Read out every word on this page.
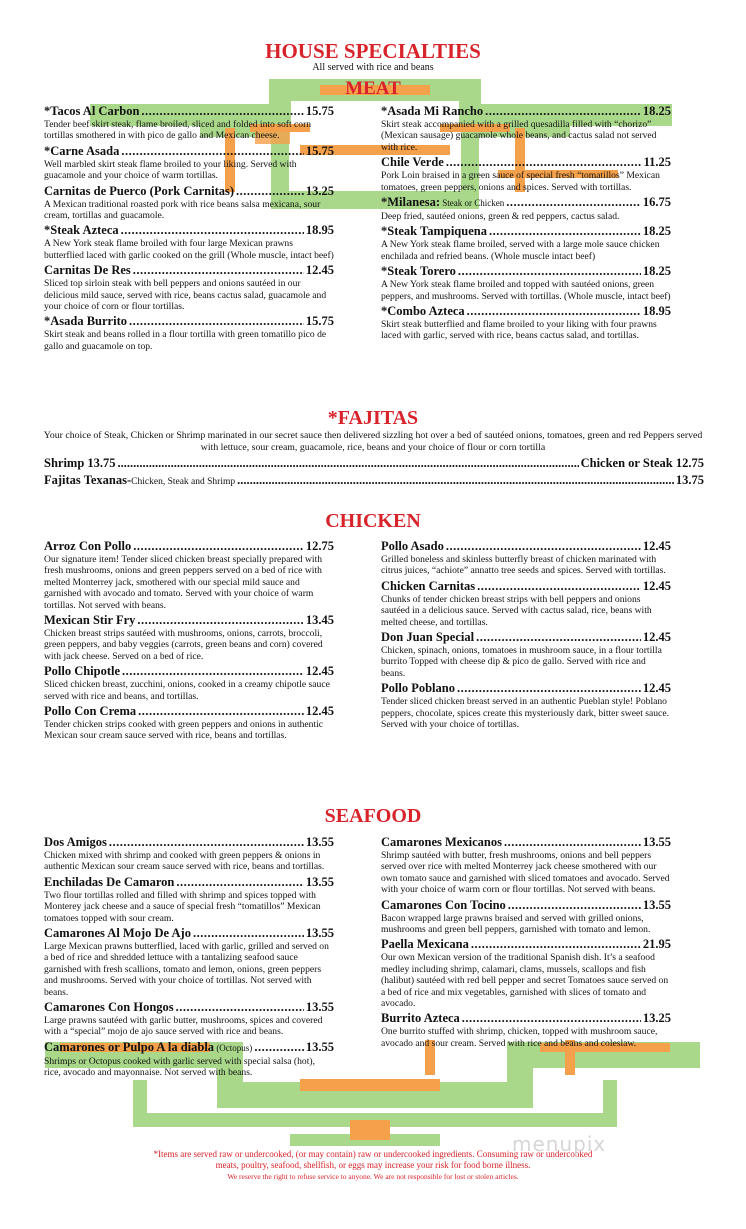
HOUSE SPECIALTIES
All served with rice and beans
MEAT
*Tacos Al Carbon .....	15.75
Tender beef skirt steak, flame broiled, sliced and folded into soft corn tortillas smothered in with pico de gallo and Mexican cheese.
*Carne Asada .....	15.75
Well marbled skirt steak flame broiled to your liking. Served with guacamole and your choice of warm tortillas.
Carnitas de Puerco (Pork Carnitas) .....	13.25
A Mexican traditional roasted pork with rice beans salsa mexicana, sour cream, tortillas and guacamole.
*Steak Azteca .....	18.95
A New York steak flame broiled with four large Mexican prawns butterflied laced with garlic cooked on the grill (Whole muscle, intact beef)
Carnitas De Res .....	12.45
Sliced top sirloin steak with bell peppers and onions sautéed in our delicious mild sauce, served with rice, beans cactus salad, guacamole and your choice of corn or flour tortillas.
*Asada Burrito .....	15.75
Skirt steak and beans rolled in a flour tortilla with green tomatillo pico de gallo and guacamole on top.
*Asada Mi Rancho .....	18.25
Skirt steak accompanied with a grilled quesadilla filled with “chorizo” (Mexican sausage) guacamole whole beans, and cactus salad not served with rice.
Chile Verde .....	11.25
Pork Loin braised in a green sauce of special fresh “tomatillos” Mexican tomatoes, green peppers, onions and spices. Served with tortillas.
*Milanesa: Steak or Chicken .....	16.75
Deep fried, sautéed onions, green & red peppers, cactus salad.
*Steak Tampiquena .....	18.25
A New York steak flame broiled, served with a large mole sauce chicken enchilada and refried beans. (Whole muscle intact beef)
*Steak Torero .....	18.25
A New York steak flame broiled and topped with sautéed onions, green peppers, and mushrooms. Served with tortillas. (Whole muscle, intact beef)
*Combo Azteca .....	18.95
Skirt steak butterflied and flame broiled to your liking with four prawns laced with garlic, served with rice, beans cactus salad, and tortillas.
*FAJITAS
Your choice of Steak, Chicken or Shrimp marinated in our secret sauce then delivered sizzling hot over a bed of sautéed onions, tomatoes, green and red Peppers served with lettuce, sour cream, guacamole, rice, beans and your choice of flour or corn tortilla
Shrimp 13.75 .....	Chicken or Steak 12.75
Fajitas Texanas- Chicken, Steak and Shrimp .....	13.75
CHICKEN
Arroz Con Pollo .....	12.75
Our signature item! Tender sliced chicken breast specially prepared with fresh mushrooms, onions and green peppers served on a bed of rice with melted Monterrey jack, smothered with our special mild sauce and garnished with avocado and tomato. Served with your choice of warm tortillas. Not served with beans.
Mexican Stir Fry .....	13.45
Chicken breast strips sautéed with mushrooms, onions, carrots, broccoli, green peppers, and baby veggies (carrots, green beans and corn) covered with jack cheese. Served on a bed of rice.
Pollo Chipotle .....	12.45
Sliced chicken breast, zucchini, onions, cooked in a creamy chipotle sauce served with rice and beans, and tortillas.
Pollo Con Crema .....	12.45
Tender chicken strips cooked with green peppers and onions in authentic Mexican sour cream sauce served with rice, beans and tortillas.
Pollo Asado .....	12.45
Grilled boneless and skinless butterfly breast of chicken marinated with citrus juices, “achiote” annatto tree seeds and spices. Served with tortillas.
Chicken Carnitas .....	12.45
Chunks of tender chicken breast strips with bell peppers and onions sautéed in a delicious sauce. Served with cactus salad, rice, beans with melted cheese, and tortillas.
Don Juan Special .....	12.45
Chicken, spinach, onions, tomatoes in mushroom sauce, in a flour tortilla burrito Topped with cheese dip & pico de gallo. Served with rice and beans.
Pollo Poblano .....	12.45
Tender sliced chicken breast served in an authentic Pueblan style! Poblano peppers, chocolate, spices create this mysteriously dark, bitter sweet sauce. Served with your choice of tortillas.
SEAFOOD
Dos Amigos .....	13.55
Chicken mixed with shrimp and cooked with green peppers & onions in authentic Mexican sour cream sauce served with rice, beans and tortillas.
Enchiladas De Camaron .....	13.55
Two flour tortillas rolled and filled with shrimp and spices topped with Monterey jack cheese and a sauce of special fresh “tomatillos” Mexican tomatoes topped with sour cream.
Camarones Al Mojo De Ajo .....	13.55
Large Mexican prawns butterflied, laced with garlic, grilled and served on a bed of rice and shredded lettuce with a tantalizing seafood sauce garnished with fresh scallions, tomato and lemon, onions, green peppers and mushrooms. Served with your choice of tortillas. Not served with beans.
Camarones Con Hongos .....	13.55
Large prawns sautéed with garlic butter, mushrooms, spices and covered with a “special” mojo de ajo sauce served with rice and beans.
Camarones or Pulpo A la diabla (Octopus) .....	13.55
Shrimps or Octopus cooked with garlic served with special salsa (hot), rice, avocado and mayonnaise. Not served with beans.
Camarones Mexicanos .....	13.55
Shrimp sautéed with butter, fresh mushrooms, onions and bell peppers served over rice with melted Monterrey jack cheese smothered with our own tomato sauce and garnished with sliced tomatoes and avocado. Served with your choice of warm corn or flour tortillas. Not served with beans.
Camarones Con Tocino .....	13.55
Bacon wrapped large prawns braised and served with grilled onions, mushrooms and green bell peppers, garnished with tomato and lemon.
Paella Mexicana .....	21.95
Our own Mexican version of the traditional Spanish dish. It’s a seafood medley including shrimp, calamari, clams, mussels, scallops and fish (halibut) sautéed with red bell pepper and secret Tomatoes sauce served on a bed of rice and mix vegetables, garnished with slices of tomato and avocado.
Burrito Azteca .....	13.25
One burrito stuffed with shrimp, chicken, topped with mushroom sauce, avocado and sour cream. Served with rice and beans and coleslaw.
*Items are served raw or undercooked, (or may contain) raw or undercooked ingredients. Consuming raw or undercooked meats, poultry, seafood, shellfish, or eggs may increase your risk for food borne illness.
We reserve the right to refuse service to anyone. We are not responsible for lost or stolen articles.
menupix
